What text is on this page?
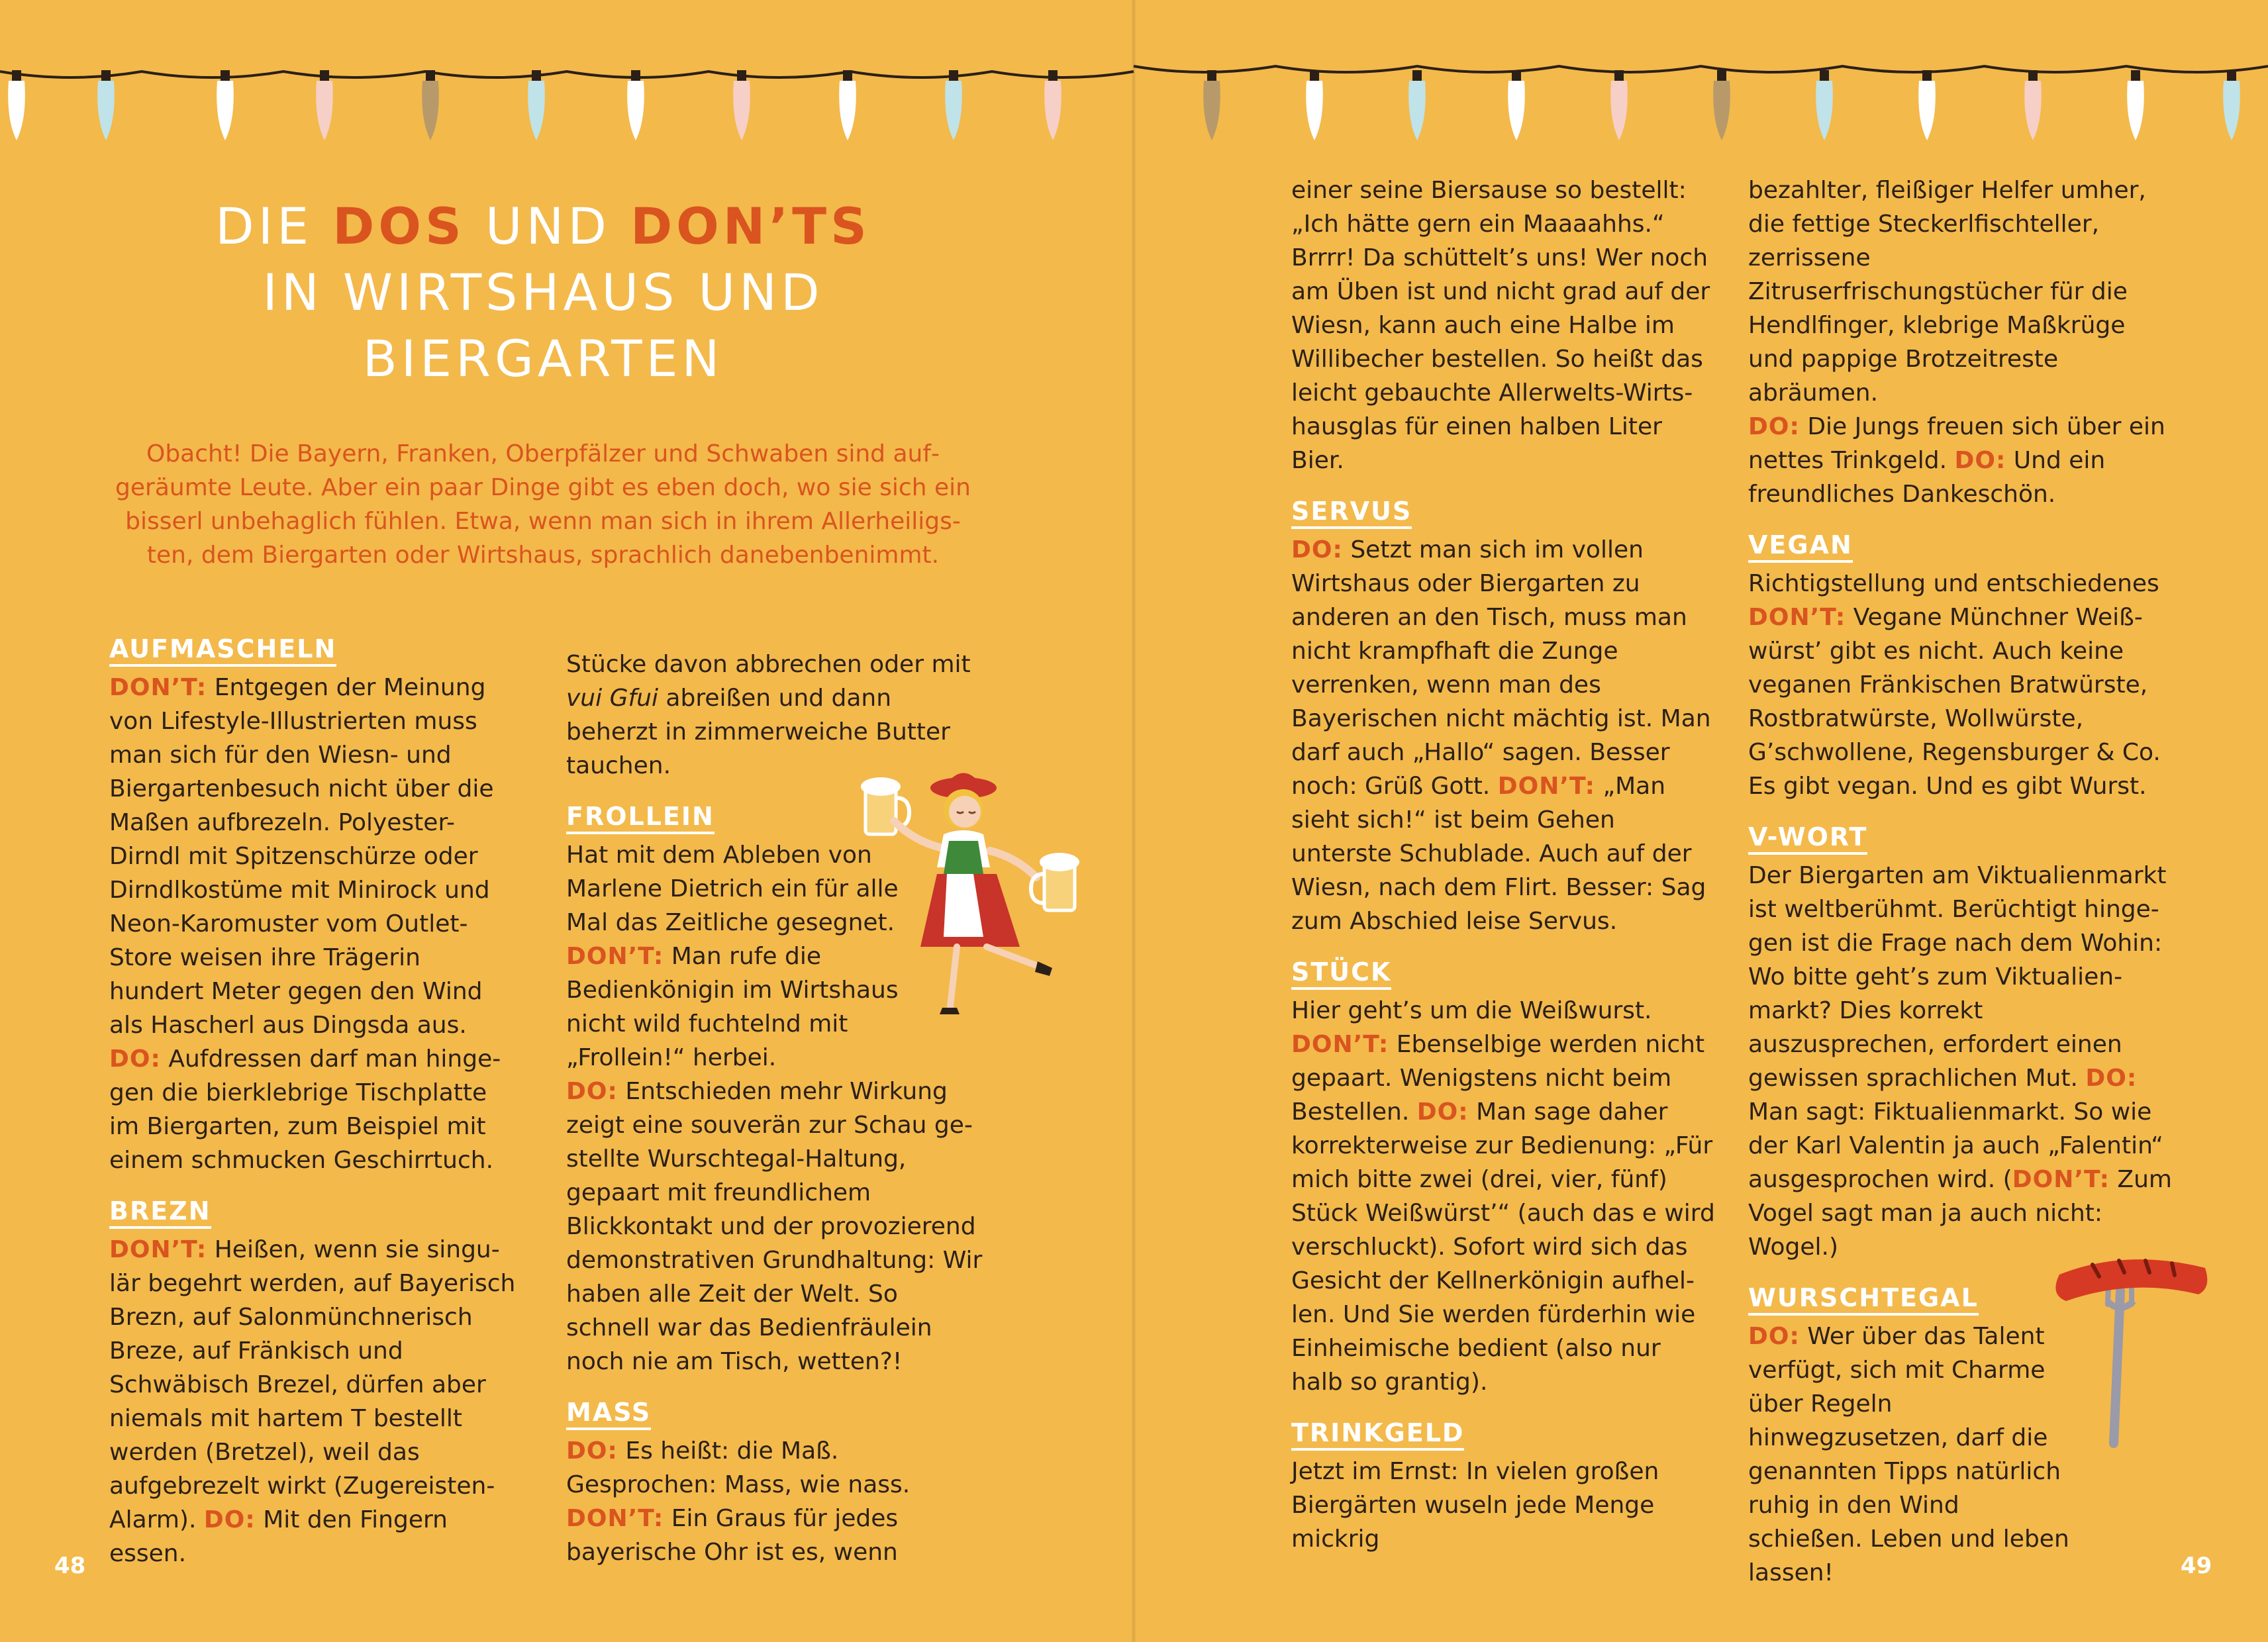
DIE DOS UND DON’TS
IN WIRTSHAUS UND
BIERGARTEN
Obacht! Die Bayern, Franken, Oberpfälzer und Schwaben sind aufgeräumte Leute. Aber ein paar Dinge gibt es eben doch, wo sie sich ein bisserl unbehaglich fühlen. Etwa, wenn man sich in ihrem Allerheiligsten, dem Biergarten oder Wirtshaus, sprachlich danebenbenimmt.
AUFMASCHELN

DON’T: Entgegen der Meinung von Lifestyle-Illustrierten muss man sich für den Wiesn- und Biergartenbesuch nicht über die Maßen aufbrezeln. Polyester-Dirndl mit Spitzenschürze oder Dirndlkostüme mit Minirock und Neon-Karomuster vom Outlet-Store weisen ihre Trägerin hundert Meter gegen den Wind als Hascherl aus Dingsda aus.
DO: Aufdressen darf man hingegen die bierklebrige Tischplatte im Biergarten, zum Beispiel mit einem schmucken Geschirrtuch.

BREZN

DON’T: Heißen, wenn sie singulär begehrt werden, auf Bayerisch Brezn, auf Salonmünchnerisch Breze, auf Fränkisch und Schwäbisch Brezel, dürfen aber niemals mit hartem T bestellt werden (Bretzel), weil das aufgebrezelt wirkt (Zugereisten-Alarm). DO: Mit den Fingern essen.

Stücke davon abbrechen oder mit vui Gfui abreißen und dann beherzt in zimmerweiche Butter tauchen.

FROLLEIN

Hat mit dem Ableben von Marlene Dietrich ein für alle Mal das Zeitliche gesegnet.
DON’T: Man rufe die Bedienkönigin im Wirtshaus nicht wild fuchtelnd mit „Frollein!“ herbei.

DO: Entschieden mehr Wirkung zeigt eine souverän zur Schau gestellte Wurschtegal-Haltung, gepaart mit freundlichem Blickkontakt und der provozierend demonstrativen Grundhaltung: Wir haben alle Zeit der Welt. So schnell war das Bedienfräulein noch nie am Tisch, wetten?!

MASS

DO: Es heißt: die Maß. Gesprochen: Mass, wie nass. DON’T: Ein Graus für jedes bayerische Ohr ist es, wenn

einer seine Biersause so bestellt: „Ich hätte gern ein Maaaahhs.“ Brrrr! Da schüttelt’s uns! Wer noch am Üben ist und nicht grad auf der Wiesn, kann auch eine Halbe im Willibecher bestellen. So heißt das leicht gebauchte Allerwelts-Wirtshausglas für einen halben Liter Bier.

SERVUS

DO: Setzt man sich im vollen Wirtshaus oder Biergarten zu anderen an den Tisch, muss man nicht krampfhaft die Zunge verrenken, wenn man des Bayerischen nicht mächtig ist. Man darf auch „Hallo“ sagen. Besser noch: Grüß Gott. DON’T: „Man sieht sich!“ ist beim Gehen unterste Schublade. Auch auf der Wiesn, nach dem Flirt. Besser: Sag zum Abschied leise Servus.

STÜCK

Hier geht’s um die Weißwurst.
DON’T: Ebenselbige werden nicht gepaart. Wenigstens nicht beim Bestellen. DO: Man sage daher korrekterweise zur Bedienung: „Für mich bitte zwei (drei, vier, fünf) Stück Weißwürst’“ (auch das e wird verschluckt). Sofort wird sich das Gesicht der Kellnerkönigin aufhellen. Und Sie werden fürderhin wie Einheimische bedient (also nur halb so grantig).

TRINKGELD

Jetzt im Ernst: In vielen großen Biergärten wuseln jede Menge mickrig

bezahlter, fleißiger Helfer umher, die fettige Steckerlfischteller, zerrissene Zitruserfrischungstücher für die Hendlfinger, klebrige Maßkrüge und pappige Brotzeitreste abräumen.
DO: Die Jungs freuen sich über ein nettes Trinkgeld. DO: Und ein freundliches Dankeschön.

VEGAN

Richtigstellung und entschiedenes
DON’T: Vegane Münchner Weißwürst’ gibt es nicht. Auch keine veganen Fränkischen Bratwürste, Rostbratwürste, Wollwürste, G’schwollene, Regensburger & Co. Es gibt vegan. Und es gibt Wurst.

V-WORT

Der Biergarten am Viktualienmarkt ist weltberühmt. Berüchtigt hingegen ist die Frage nach dem Wohin: Wo bitte geht’s zum Viktualienmarkt? Dies korrekt auszusprechen, erfordert einen gewissen sprachlichen Mut. DO: Man sagt: Fiktualienmarkt. So wie der Karl Valentin ja auch „Falentin“ ausgesprochen wird. (DON’T: Zum Vogel sagt man ja auch nicht: Wogel.)

WURSCHTEGAL

DO: Wer über das Talent verfügt, sich mit Charme über Regeln hinwegzusetzen, darf die genannten Tipps natürlich ruhig in den Wind schießen. Leben und leben lassen!

48	49
